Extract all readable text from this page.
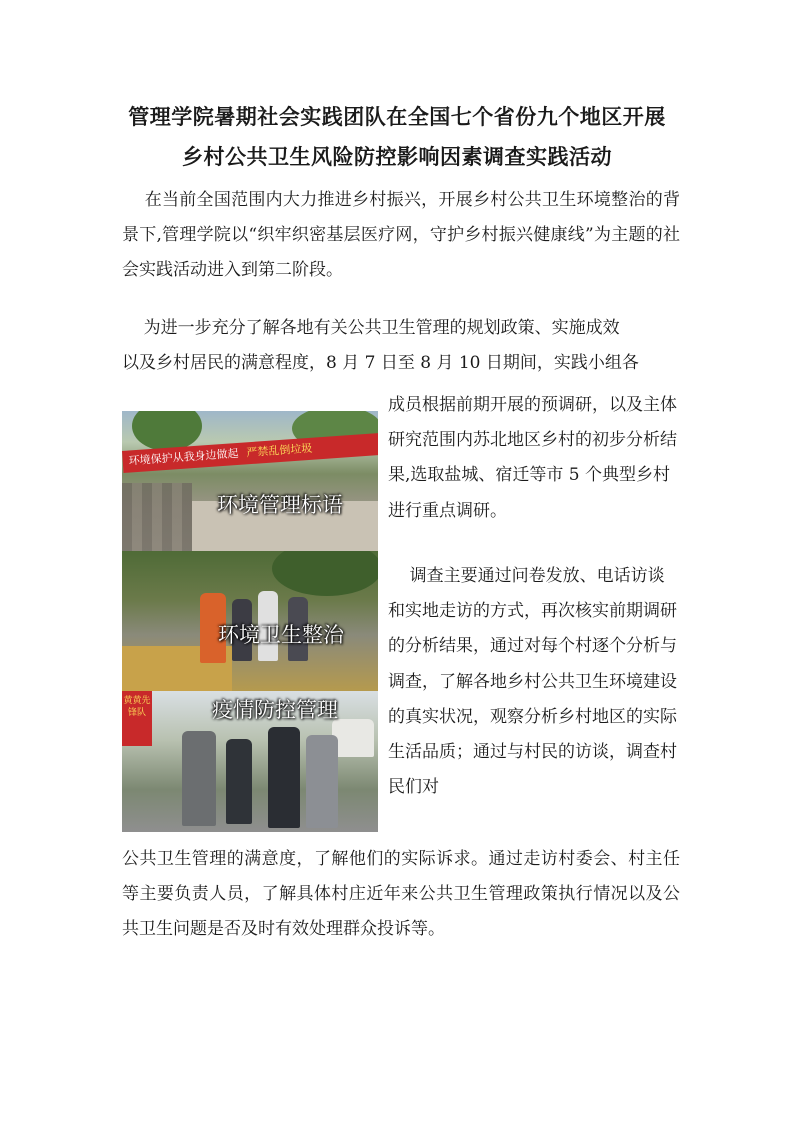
管理学院暑期社会实践团队在全国七个省份九个地区开展
乡村公共卫生风险防控影响因素调查实践活动

在当前全国范围内大力推进乡村振兴，开展乡村公共卫生环境整治的背景下,管理学院以“织牢织密基层医疗网，守护乡村振兴健康线”为主题的社会实践活动进入到第二阶段。

为进一步充分了解各地有关公共卫生管理的规划政策、实施成效

以及乡村居民的满意程度，8 月 7 日至 8 月 10 日期间，实践小组各

环境保护从我身边做起 严禁乱倒垃圾
环境管理标语
环境卫生整治
黄黄先锋队	疫情防控管理

成员根据前期开展的预调研，以及主体研究范围内苏北地区乡村的初步分析结果,选取盐城、宿迁等市 5 个典型乡村进行重点调研。

调查主要通过问卷发放、电话访谈和实地走访的方式，再次核实前期调研的分析结果，通过对每个村逐个分析与调查，了解各地乡村公共卫生环境建设的真实状况，观察分析乡村地区的实际生活品质；通过与村民的访谈，调查村民们对

公共卫生管理的满意度，了解他们的实际诉求。通过走访村委会、村主任等主要负责人员，了解具体村庄近年来公共卫生管理政策执行情况以及公共卫生问题是否及时有效处理群众投诉等。
